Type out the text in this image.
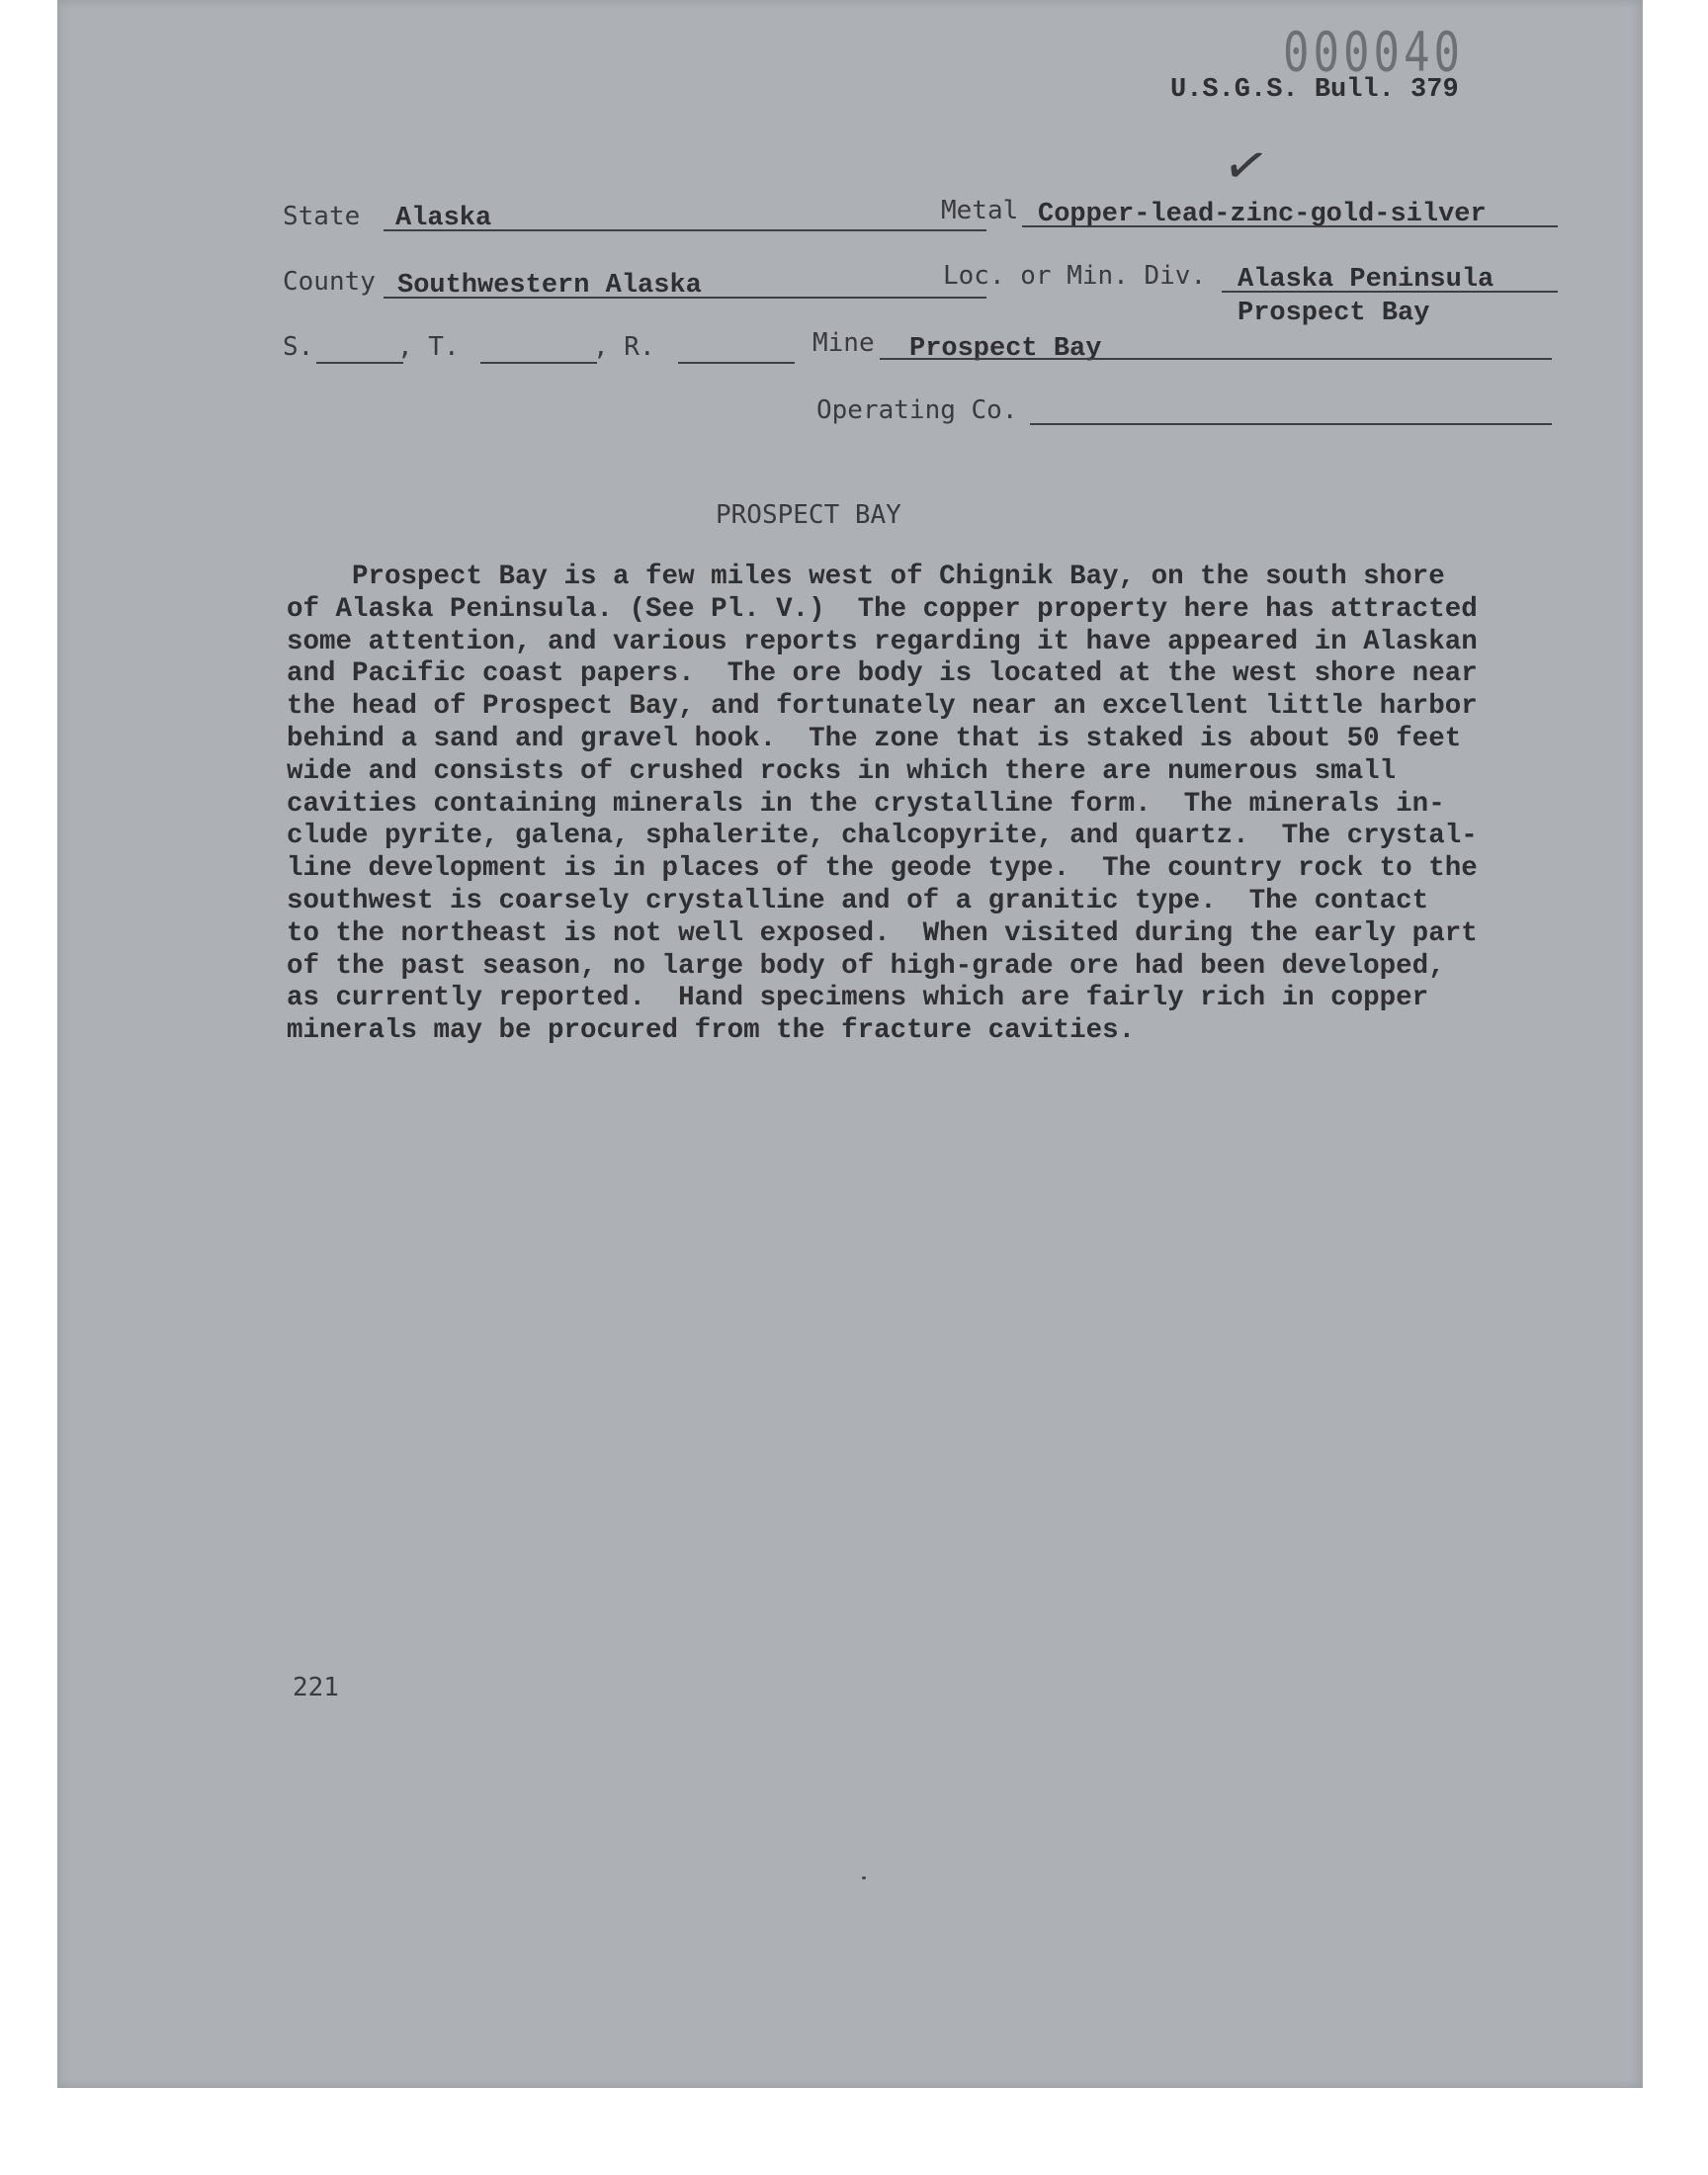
000040
U.S.G.S. Bull. 379
✓
State Alaska	Metal Copper-lead-zinc-gold-silver
County Southwestern Alaska	Loc. or Min. Div. Alaska Peninsula
Prospect Bay
S.	, T.	, R.	Mine Prospect Bay
Operating Co.
PROSPECT BAY
Prospect Bay is a few miles west of Chignik Bay, on the south shore
of Alaska Peninsula. (See Pl. V.)  The copper property here has attracted
some attention, and various reports regarding it have appeared in Alaskan
and Pacific coast papers.  The ore body is located at the west shore near
the head of Prospect Bay, and fortunately near an excellent little harbor
behind a sand and gravel hook.  The zone that is staked is about 50 feet
wide and consists of crushed rocks in which there are numerous small
cavities containing minerals in the crystalline form.  The minerals in-
clude pyrite, galena, sphalerite, chalcopyrite, and quartz.  The crystal-
line development is in places of the geode type.  The country rock to the
southwest is coarsely crystalline and of a granitic type.  The contact
to the northeast is not well exposed.  When visited during the early part
of the past season, no large body of high-grade ore had been developed,
as currently reported.  Hand specimens which are fairly rich in copper
minerals may be procured from the fracture cavities.
221
